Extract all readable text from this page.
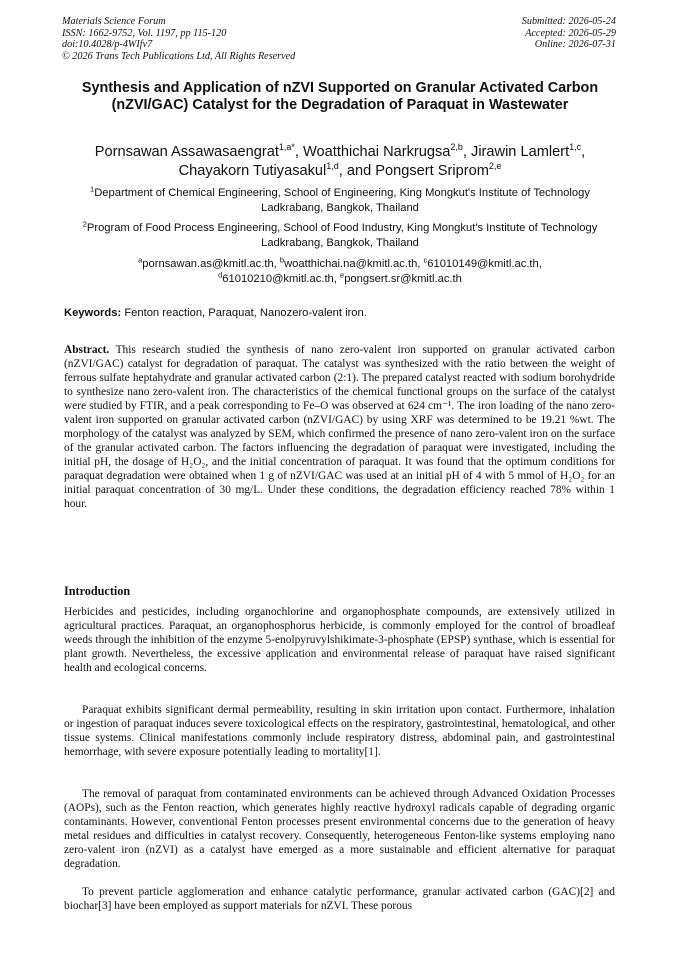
Materials Science Forum
ISSN: 1662-9752, Vol. 1197, pp 115-120
doi:10.4028/p-4WIfv7
© 2026 Trans Tech Publications Ltd, All Rights Reserved
Submitted: 2026-05-24
Accepted: 2026-05-29
Online: 2026-07-31
Synthesis and Application of nZVI Supported on Granular Activated Carbon (nZVI/GAC) Catalyst for the Degradation of Paraquat in Wastewater
Pornsawan Assawasaengrat$^{1,a*}$, Woatthichai Narkrugsa$^{2,b}$, Jirawin Lamlert$^{1,c}$,
Chayakorn Tutiyasakul$^{1,d}$, and Pongsert Sriprom$^{2,e}$
$^1$Department of Chemical Engineering, School of Engineering, King Mongkut's Institute of Technology Ladkrabang, Bangkok, Thailand
$^2$Program of Food Process Engineering, School of Food Industry, King Mongkut's Institute of Technology Ladkrabang, Bangkok, Thailand
$^a$pornsawan.as@kmitl.ac.th, $^b$woatthichai.na@kmitl.ac.th, $^c$61010149@kmitl.ac.th,
$^d$61010210@kmitl.ac.th, $^e$pongsert.sr@kmitl.ac.th
Keywords: Fenton reaction, Paraquat, Nanozero-valent iron.

Abstract. This research studied the synthesis of nano zero-valent iron supported on granular activated carbon (nZVI/GAC) catalyst for degradation of paraquat. The catalyst was synthesized with the ratio between the weight of ferrous sulfate heptahydrate and granular activated carbon (2:1). The prepared catalyst reacted with sodium borohydride to synthesize nano zero-valent iron. The characteristics of the chemical functional groups on the surface of the catalyst were studied by FTIR, and a peak corresponding to Fe–O was observed at 624 cm⁻¹. The iron loading of the nano zero-valent iron supported on granular activated carbon (nZVI/GAC) by using XRF was determined to be 19.21 %wt. The morphology of the catalyst was analyzed by SEM, which confirmed the presence of nano zero-valent iron on the surface of the granular activated carbon. The factors influencing the degradation of paraquat were investigated, including the initial pH, the dosage of H₂O₂, and the initial concentration of paraquat. It was found that the optimum conditions for paraquat degradation were obtained when 1 g of nZVI/GAC was used at an initial pH of 4 with 5 mmol of H₂O₂ for an initial paraquat concentration of 30 mg/L. Under these conditions, the degradation efficiency reached 78% within 1 hour.

Introduction

Herbicides and pesticides, including organochlorine and organophosphate compounds, are extensively utilized in agricultural practices. Paraquat, an organophosphorus herbicide, is commonly employed for the control of broadleaf weeds through the inhibition of the enzyme 5-enolpyruvylshikimate-3-phosphate (EPSP) synthase, which is essential for plant growth. Nevertheless, the excessive application and environmental release of paraquat have raised significant health and ecological concerns.

Paraquat exhibits significant dermal permeability, resulting in skin irritation upon contact. Furthermore, inhalation or ingestion of paraquat induces severe toxicological effects on the respiratory, gastrointestinal, hematological, and other tissue systems. Clinical manifestations commonly include respiratory distress, abdominal pain, and gastrointestinal hemorrhage, with severe exposure potentially leading to mortality[1].

The removal of paraquat from contaminated environments can be achieved through Advanced Oxidation Processes (AOPs), such as the Fenton reaction, which generates highly reactive hydroxyl radicals capable of degrading organic contaminants. However, conventional Fenton processes present environmental concerns due to the generation of heavy metal residues and difficulties in catalyst recovery. Consequently, heterogeneous Fenton-like systems employing nano zero-valent iron (nZVI) as a catalyst have emerged as a more sustainable and efficient alternative for paraquat degradation.

To prevent particle agglomeration and enhance catalytic performance, granular activated carbon (GAC)[2] and biochar[3] have been employed as support materials for nZVI. These porous
